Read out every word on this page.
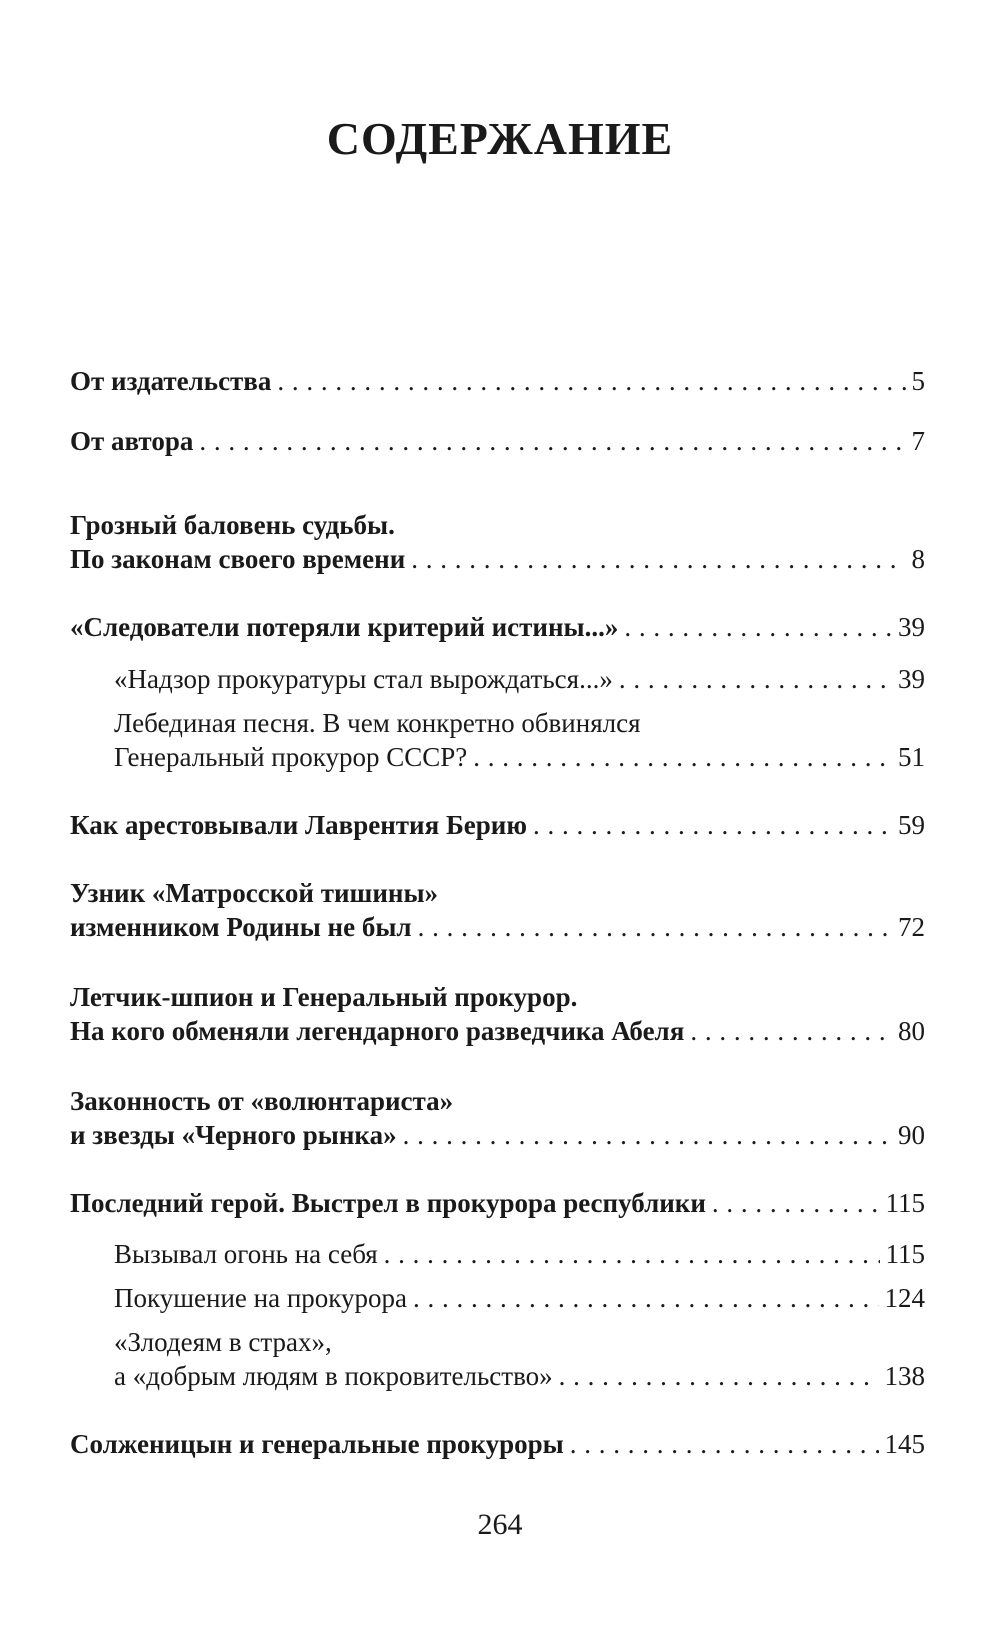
СОДЕРЖАНИЕ
От издательства . . .	5
От автора . . .	7
Грозный баловень судьбы.
По законам своего времени . . .	8
«Следователи потеряли критерий истины...» . . .	39
«Надзор прокуратуры стал вырождаться...» . . .	39
Лебединая песня. В чем конкретно обвинялся
Генеральный прокурор СССР? . . .	51
Как арестовывали Лаврентия Берию . . .	59
Узник «Матросской тишины»
изменником Родины не был . . .	72
Летчик-шпион и Генеральный прокурор.
На кого обменяли легендарного разведчика Абеля . . .	80
Законность от «волюнтариста»
и звезды «Черного рынка» . . .	90
Последний герой. Выстрел в прокурора республики . . .	115
Вызывал огонь на себя . . .	115
Покушение на прокурора . . .	124
«Злодеям в страх»,
а «добрым людям в покровительство» . . .	138
Солженицын и генеральные прокуроры . . .	145
264
